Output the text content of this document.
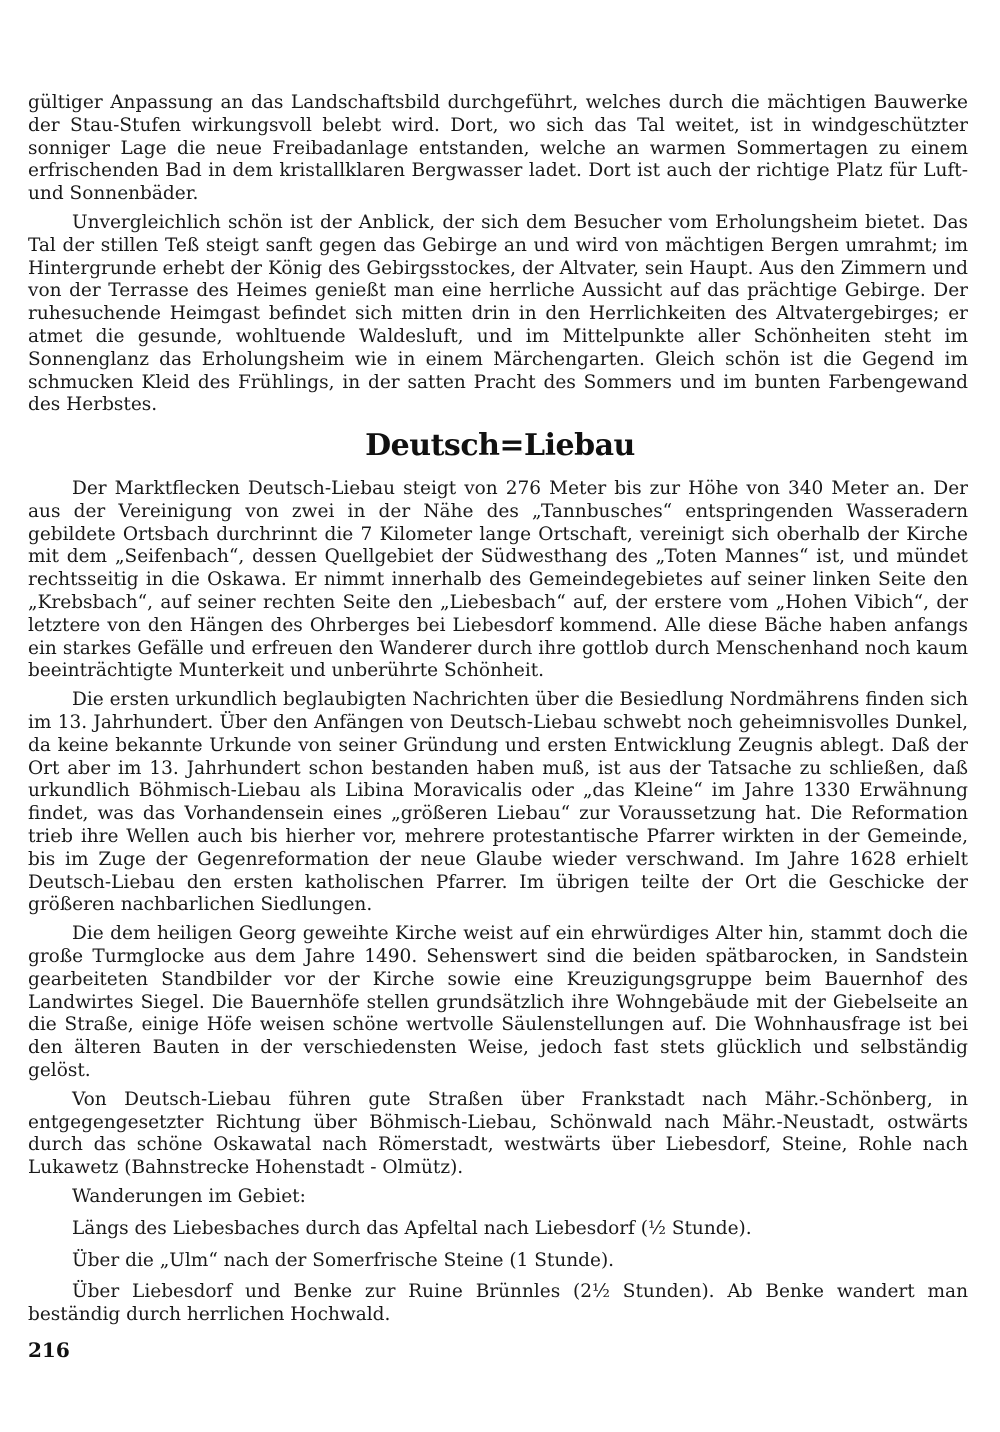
gültiger Anpassung an das Landschaftsbild durchgeführt, welches durch die mächtigen Bauwerke der Stau-Stufen wirkungsvoll belebt wird. Dort, wo sich das Tal weitet, ist in windgeschützter sonniger Lage die neue Freibadanlage entstanden, welche an warmen Sommertagen zu einem erfrischenden Bad in dem kristallklaren Bergwasser ladet. Dort ist auch der richtige Platz für Luft- und Sonnenbäder.

Unvergleichlich schön ist der Anblick, der sich dem Besucher vom Erholungsheim bietet. Das Tal der stillen Teß steigt sanft gegen das Gebirge an und wird von mächtigen Bergen umrahmt; im Hintergrunde erhebt der König des Gebirgsstockes, der Altvater, sein Haupt. Aus den Zimmern und von der Terrasse des Heimes genießt man eine herrliche Aussicht auf das prächtige Gebirge. Der ruhesuchende Heimgast befindet sich mitten drin in den Herrlichkeiten des Altvatergebirges; er atmet die gesunde, wohltuende Waldesluft, und im Mittelpunkte aller Schönheiten steht im Sonnenglanz das Erholungsheim wie in einem Märchengarten. Gleich schön ist die Gegend im schmucken Kleid des Frühlings, in der satten Pracht des Sommers und im bunten Farbengewand des Herbstes.

Deutsch=Liebau

Der Marktflecken Deutsch-Liebau steigt von 276 Meter bis zur Höhe von 340 Meter an. Der aus der Vereinigung von zwei in der Nähe des „Tannbusches“ entspringenden Wasseradern gebildete Ortsbach durchrinnt die 7 Kilometer lange Ortschaft, vereinigt sich oberhalb der Kirche mit dem „Seifenbach“, dessen Quellgebiet der Südwesthang des „Toten Mannes“ ist, und mündet rechtsseitig in die Oskawa. Er nimmt innerhalb des Gemeindegebietes auf seiner linken Seite den „Krebsbach“, auf seiner rechten Seite den „Liebesbach“ auf, der erstere vom „Hohen Vibich“, der letztere von den Hängen des Ohrberges bei Liebesdorf kommend. Alle diese Bäche haben anfangs ein starkes Gefälle und erfreuen den Wanderer durch ihre gottlob durch Menschenhand noch kaum beeinträchtigte Munterkeit und unberührte Schönheit.

Die ersten urkundlich beglaubigten Nachrichten über die Besiedlung Nordmährens finden sich im 13. Jahrhundert. Über den Anfängen von Deutsch-Liebau schwebt noch geheimnisvolles Dunkel, da keine bekannte Urkunde von seiner Gründung und ersten Entwicklung Zeugnis ablegt. Daß der Ort aber im 13. Jahrhundert schon bestanden haben muß, ist aus der Tatsache zu schließen, daß urkundlich Böhmisch-Liebau als Libina Moravicalis oder „das Kleine“ im Jahre 1330 Erwähnung findet, was das Vorhandensein eines „größeren Liebau“ zur Voraussetzung hat. Die Reformation trieb ihre Wellen auch bis hierher vor, mehrere protestantische Pfarrer wirkten in der Gemeinde, bis im Zuge der Gegenreformation der neue Glaube wieder verschwand. Im Jahre 1628 erhielt Deutsch-Liebau den ersten katholischen Pfarrer. Im übrigen teilte der Ort die Geschicke der größeren nachbarlichen Siedlungen.

Die dem heiligen Georg geweihte Kirche weist auf ein ehrwürdiges Alter hin, stammt doch die große Turmglocke aus dem Jahre 1490. Sehenswert sind die beiden spätbarocken, in Sandstein gearbeiteten Standbilder vor der Kirche sowie eine Kreuzigungsgruppe beim Bauernhof des Landwirtes Siegel. Die Bauernhöfe stellen grundsätzlich ihre Wohngebäude mit der Giebelseite an die Straße, einige Höfe weisen schöne wertvolle Säulenstellungen auf. Die Wohnhausfrage ist bei den älteren Bauten in der verschiedensten Weise, jedoch fast stets glücklich und selbständig gelöst.

Von Deutsch-Liebau führen gute Straßen über Frankstadt nach Mähr.-Schönberg, in entgegengesetzter Richtung über Böhmisch-Liebau, Schönwald nach Mähr.-Neustadt, ostwärts durch das schöne Oskawatal nach Römerstadt, westwärts über Liebesdorf, Steine, Rohle nach Lukawetz (Bahnstrecke Hohenstadt - Olmütz).

Wanderungen im Gebiet:

Längs des Liebesbaches durch das Apfeltal nach Liebesdorf (½ Stunde).

Über die „Ulm“ nach der Somerfrische Steine (1 Stunde).

Über Liebesdorf und Benke zur Ruine Brünnles (2½ Stunden). Ab Benke wandert man beständig durch herrlichen Hochwald.

216
